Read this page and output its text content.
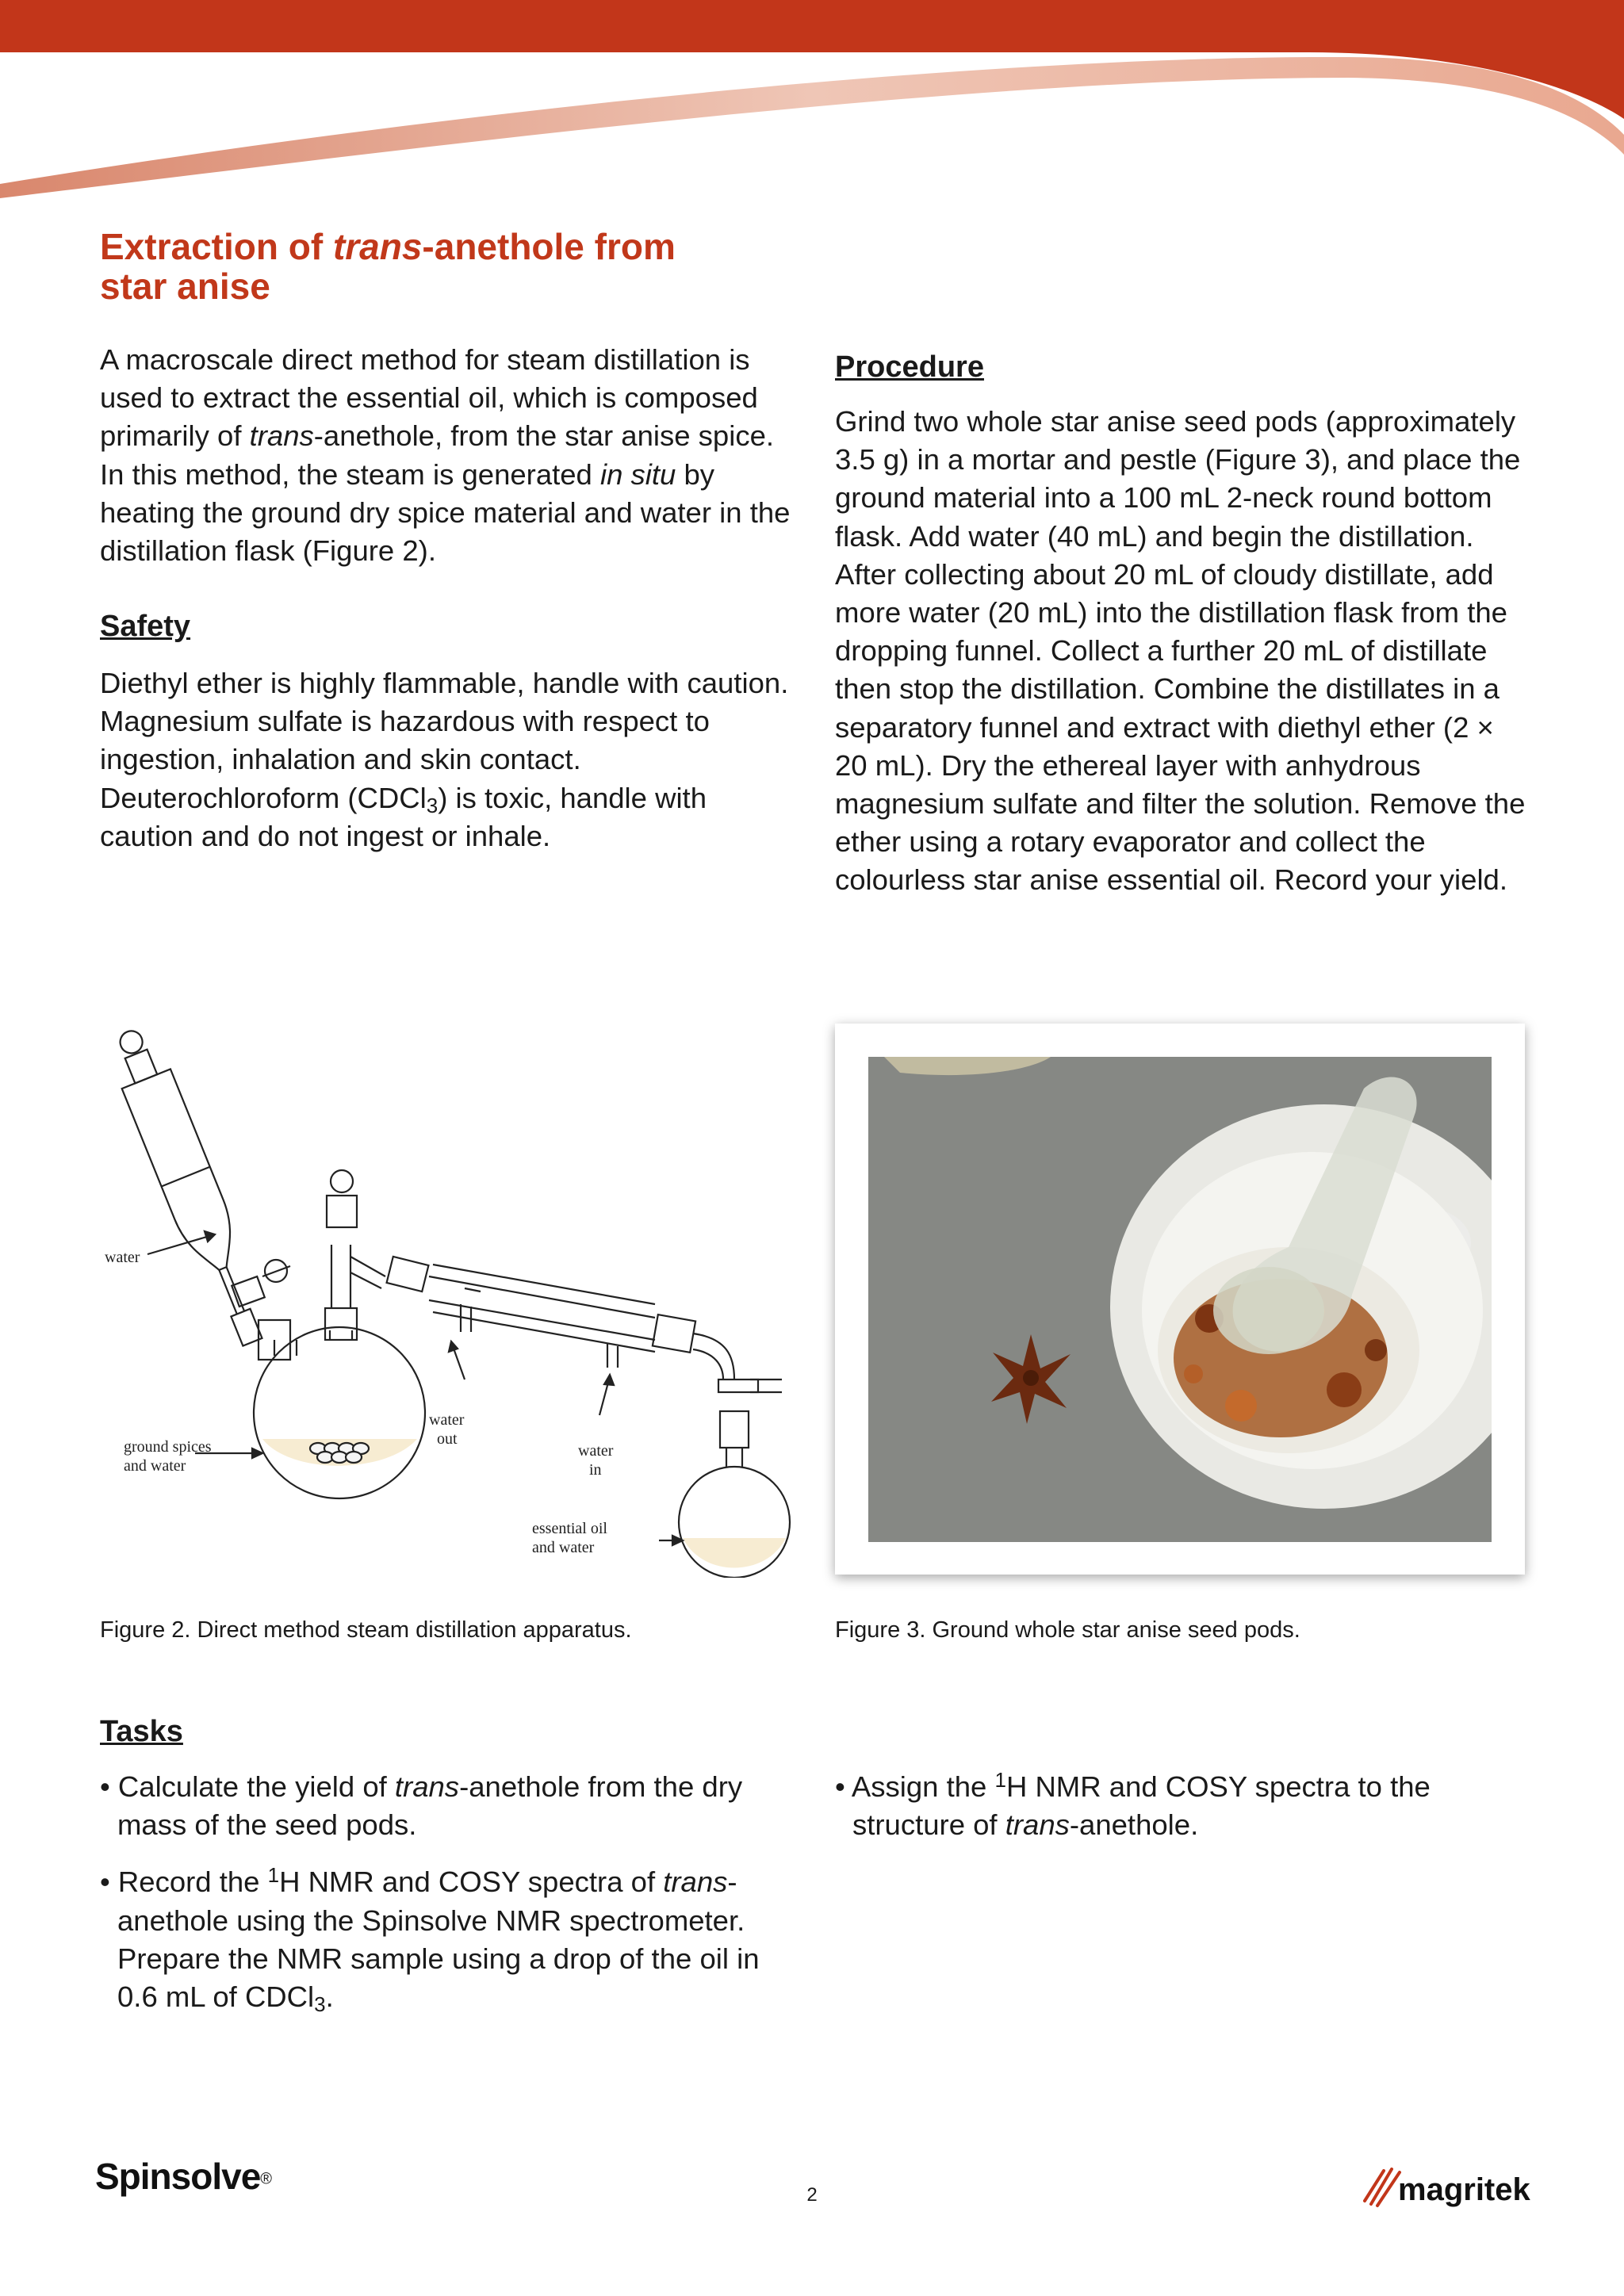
Extraction of trans-anethole from
star anise

A macroscale direct method for steam distillation is used to extract the essential oil, which is composed primarily of trans-anethole, from the star anise spice. In this method, the steam is generated in situ by heating the ground dry spice material and water in the distillation flask (Figure 2).

Safety

Diethyl ether is highly flammable, handle with caution. Magnesium sulfate is hazardous with respect to ingestion, inhalation and skin contact. Deuterochloroform (CDCl$_3$) is toxic, handle with caution and do not ingest or inhale.

Procedure

Grind two whole star anise seed pods (approximately 3.5 g) in a mortar and pestle (Figure 3), and place the ground material into a 100 mL 2-neck round bottom flask. Add water (40 mL) and begin the distillation. After collecting about 20 mL of cloudy distillate, add more water (20 mL) into the distillation flask from the dropping funnel. Collect a further 20 mL of distillate then stop the distillation. Combine the distillates in a separatory funnel and extract with diethyl ether (2 × 20 mL). Dry the ethereal layer with anhydrous magnesium sulfate and filter the solution. Remove the ether using a rotary evaporator and collect the colourless star anise essential oil. Record your yield.

water
ground spices
and water
water
out
water
in
essential oil
and water

Figure 2. Direct method steam distillation apparatus.	Figure 3. Ground whole star anise seed pods.

Tasks

• Calculate the yield of trans-anethole from the dry mass of the seed pods.

• Record the $^1$H NMR and COSY spectra of trans-anethole using the Spinsolve NMR spectrometer. Prepare the NMR sample using a drop of the oil in 0.6 mL of CDCl$_3$.

• Assign the $^1$H NMR and COSY spectra to the structure of trans-anethole.

Spinsolve®
2	magritek
